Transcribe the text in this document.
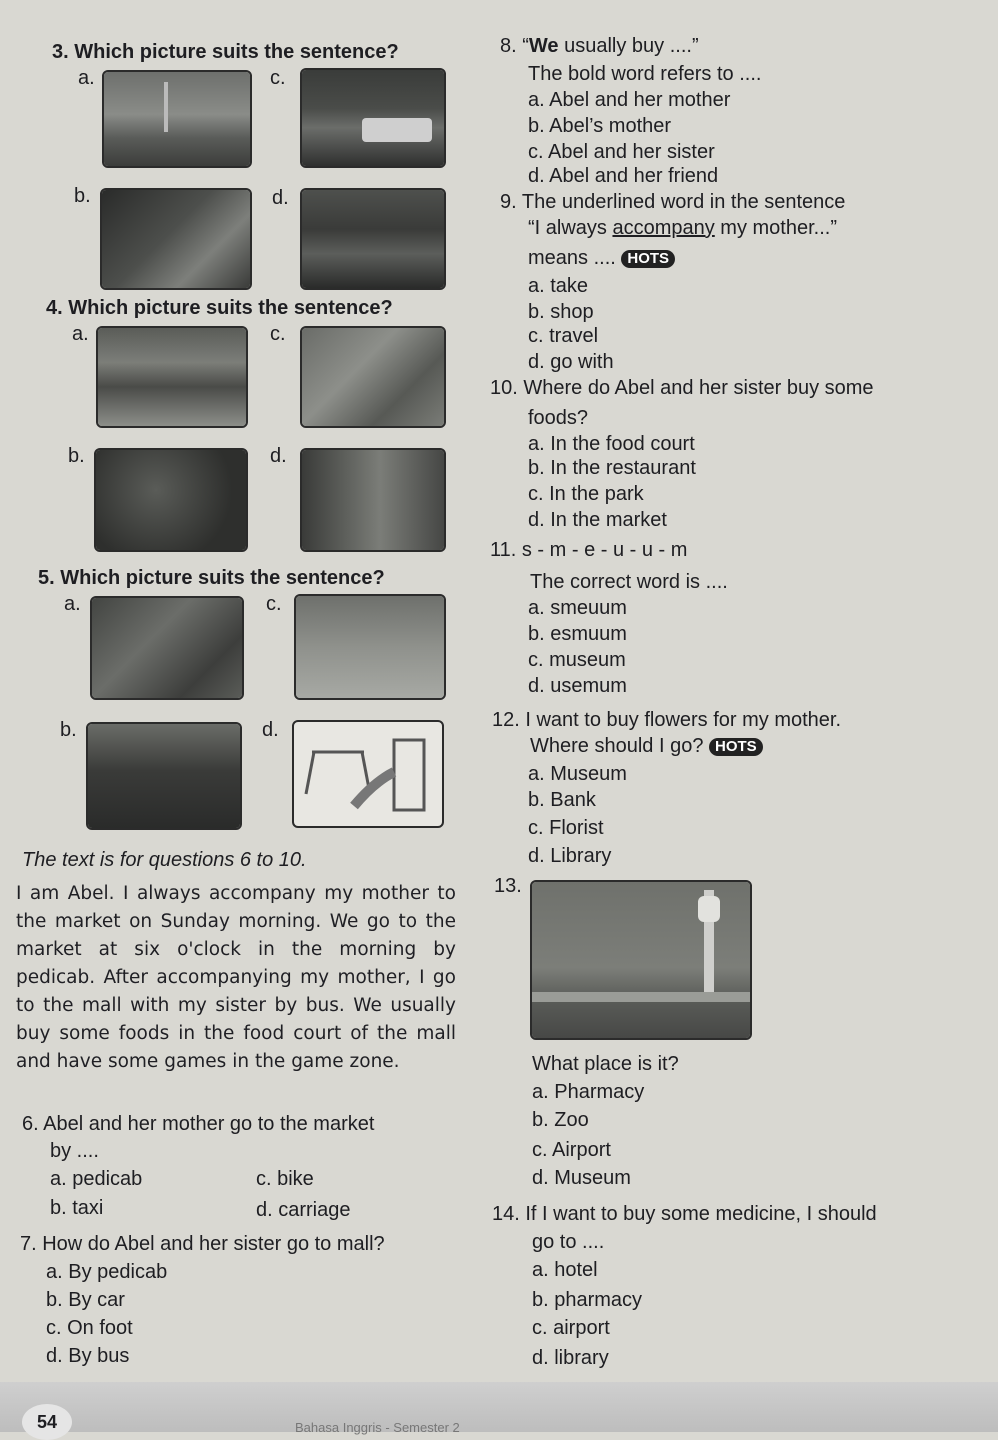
3. Which picture suits the sentence?
a.	c.
b.	d.
4. Which picture suits the sentence?
a.	c.
b.	d.
5. Which picture suits the sentence?
a.	c.
b.	d.
The text is for questions 6 to 10.
I am Abel. I always accompany my mother to the market on Sunday morning. We go to the market at six o'clock in the morning by pedicab. After accompanying my mother, I go to the mall with my sister by bus. We usually buy some foods in the food court of the mall and have some games in the game zone.
6. Abel and her mother go to the market
by ....
a. pedicab	c. bike
b. taxi	d. carriage
7. How do Abel and her sister go to mall?
a. By pedicab
b. By car
c. On foot
d. By bus
8. “We usually buy ....”
The bold word refers to ....
a. Abel and her mother
b. Abel’s mother
c. Abel and her sister
d. Abel and her friend
9. The underlined word in the sentence
“I always accompany my mother...”
means .... HOTS
a. take
b. shop
c. travel
d. go with
10. Where do Abel and her sister buy some
foods?
a. In the food court
b. In the restaurant
c. In the park
d. In the market
11. s - m - e - u - u - m
The correct word is ....
a. smeuum
b. esmuum
c. museum
d. usemum
12. I want to buy flowers for my mother.
Where should I go? HOTS
a. Museum
b. Bank
c. Florist
d. Library
13.
What place is it?
a. Pharmacy
b. Zoo
c. Airport
d. Museum
14. If I want to buy some medicine, I should
go to ....
a. hotel
b. pharmacy
c. airport
d. library
54	Bahasa Inggris - Semester 2
